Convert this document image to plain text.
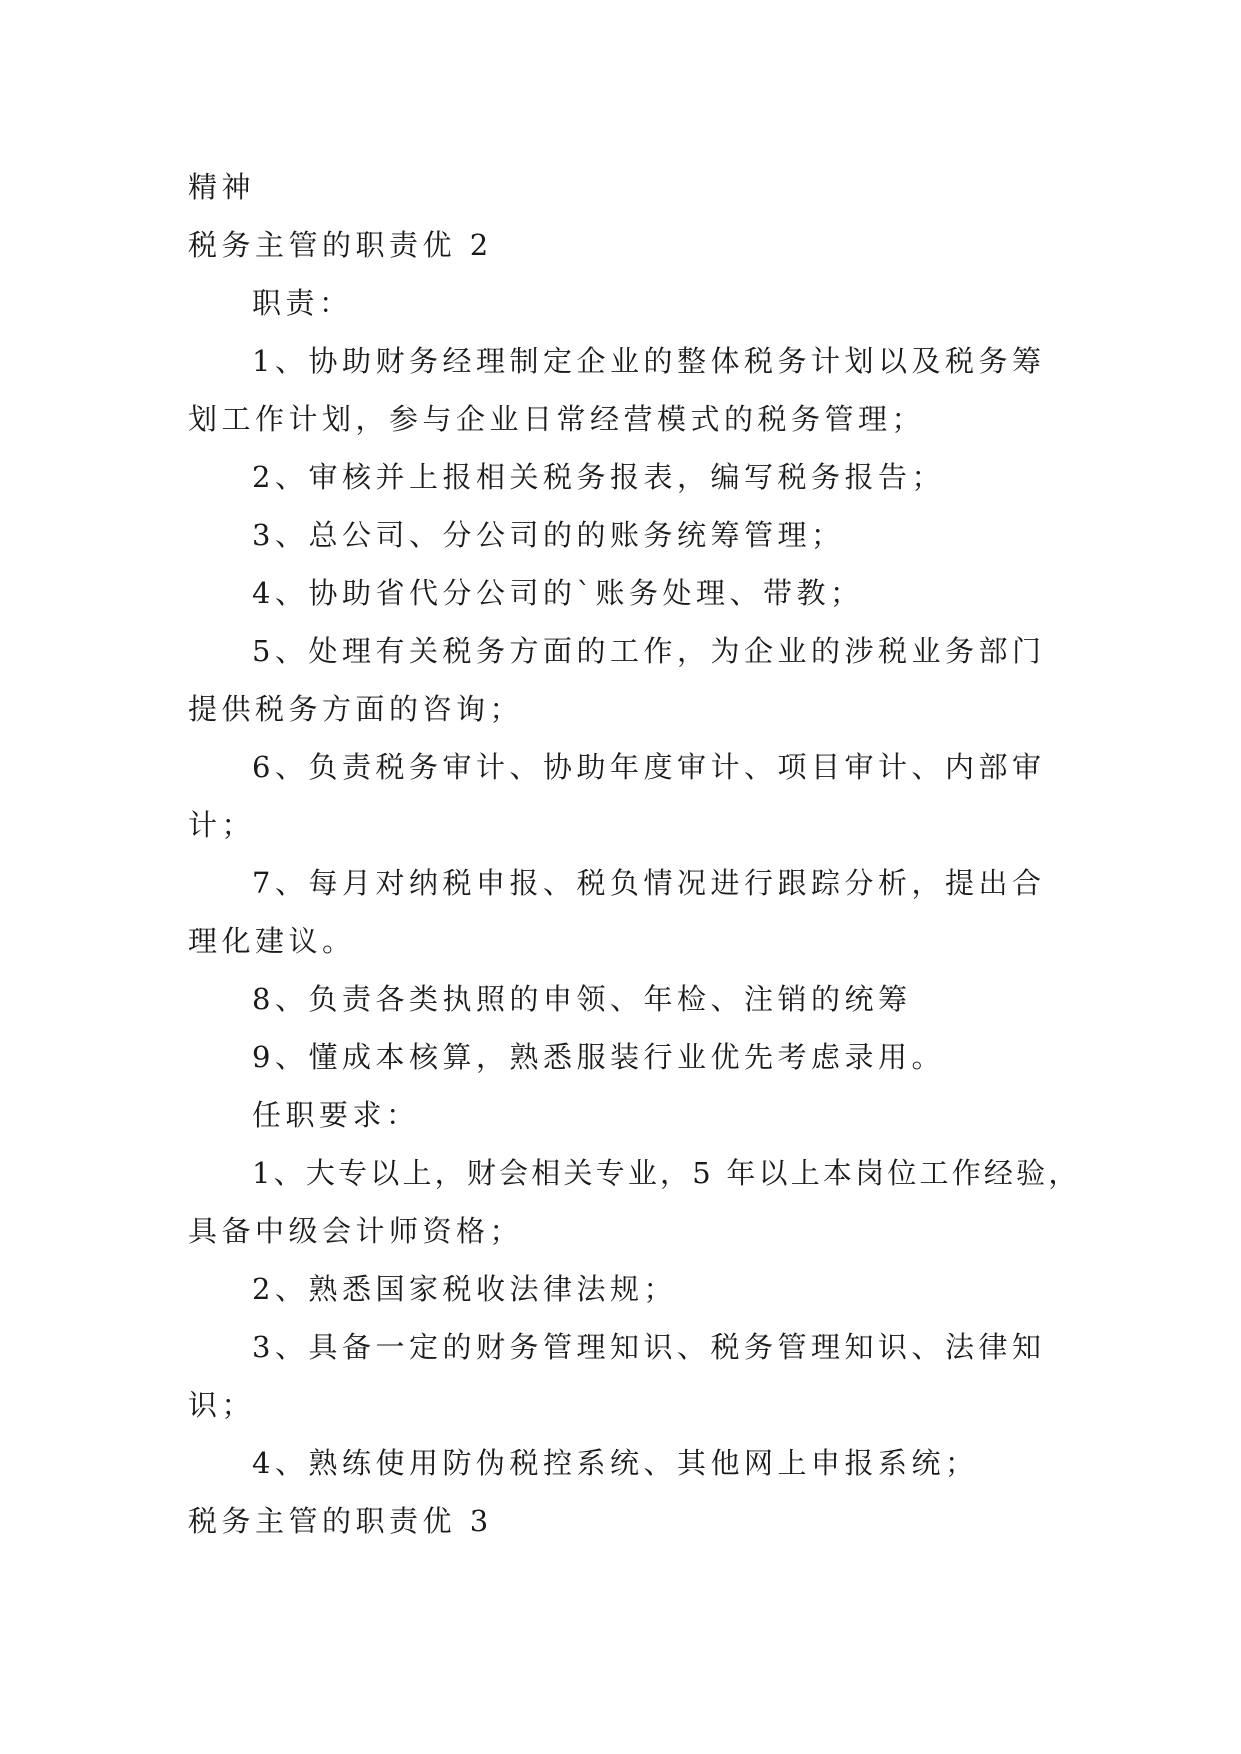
精神
税务主管的职责优 2
职责：
1、协助财务经理制定企业的整体税务计划以及税务筹
划工作计划，参与企业日常经营模式的税务管理；
2、审核并上报相关税务报表，编写税务报告；
3、总公司、分公司的的账务统筹管理；
4、协助省代分公司的`账务处理、带教；
5、处理有关税务方面的工作，为企业的涉税业务部门
提供税务方面的咨询；
6、负责税务审计、协助年度审计、项目审计、内部审
计；
7、每月对纳税申报、税负情况进行跟踪分析，提出合
理化建议。
8、负责各类执照的申领、年检、注销的统筹
9、懂成本核算，熟悉服装行业优先考虑录用。
任职要求：
1、大专以上，财会相关专业，5 年以上本岗位工作经验，
具备中级会计师资格；
2、熟悉国家税收法律法规；
3、具备一定的财务管理知识、税务管理知识、法律知
识；
4、熟练使用防伪税控系统、其他网上申报系统；
税务主管的职责优 3
